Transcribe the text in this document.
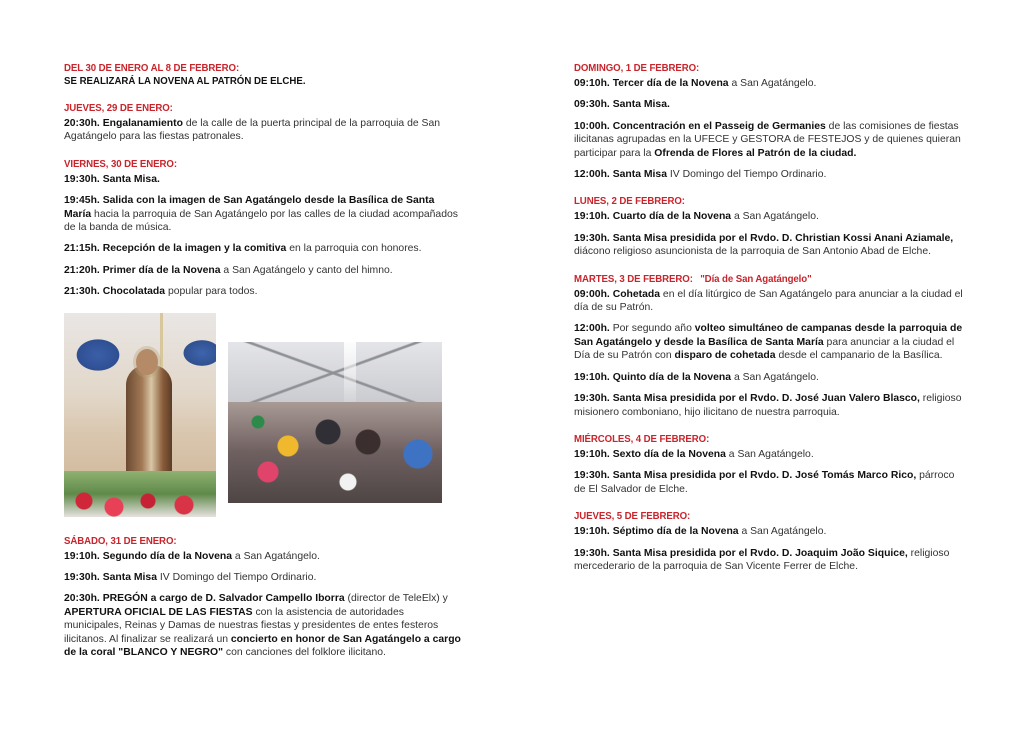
DEL 30 DE ENERO AL 8 DE FEBRERO:
SE REALIZARÁ LA NOVENA AL PATRÓN DE ELCHE.
JUEVES, 29 DE ENERO:
20:30h. Engalanamiento de la calle de la puerta principal de la parroquia de San Agatángelo para las fiestas patronales.
VIERNES, 30 DE ENERO:
19:30h. Santa Misa.
19:45h. Salida con la imagen de San Agatángelo desde la Basílica de Santa María hacia la parroquia de San Agatángelo por las calles de la ciudad acompañados de la banda de música.
21:15h. Recepción de la imagen y la comitiva en la parroquia con honores.
21:20h. Primer día de la Novena a San Agatángelo y canto del himno.
21:30h. Chocolatada popular para todos.
SÁBADO, 31 DE ENERO:
19:10h. Segundo día de la Novena a San Agatángelo.
19:30h. Santa Misa IV Domingo del Tiempo Ordinario.
20:30h. PREGÓN a cargo de D. Salvador Campello Iborra (director de TeleElx) y APERTURA OFICIAL DE LAS FIESTAS con la asistencia de autoridades municipales, Reinas y Damas de nuestras fiestas y presidentes de entes festeros ilicitanos. Al finalizar se realizará un concierto en honor de San Agatángelo a cargo de la coral "BLANCO Y NEGRO" con canciones del folklore ilicitano.
DOMINGO, 1 DE FEBRERO:
09:10h. Tercer día de la Novena a San Agatángelo.
09:30h. Santa Misa.
10:00h. Concentración en el Passeig de Germanies de las comisiones de fiestas ilicitanas agrupadas en la UFECE y GESTORA de FESTEJOS y de quienes quieran participar para la Ofrenda de Flores al Patrón de la ciudad.
12:00h. Santa Misa IV Domingo del Tiempo Ordinario.
LUNES, 2 DE FEBRERO:
19:10h. Cuarto día de la Novena a San Agatángelo.
19:30h. Santa Misa presidida por el Rvdo. D. Christian Kossi Anani Aziamale, diácono religioso asuncionista de la parroquia de San Antonio Abad de Elche.
MARTES, 3 DE FEBRERO: "Día de San Agatángelo"
09:00h. Cohetada en el día litúrgico de San Agatángelo para anunciar a la ciudad el día de su Patrón.
12:00h. Por segundo año volteo simultáneo de campanas desde la parroquia de San Agatángelo y desde la Basílica de Santa María para anunciar a la ciudad el Día de su Patrón con disparo de cohetada desde el campanario de la Basílica.
19:10h. Quinto día de la Novena a San Agatángelo.
19:30h. Santa Misa presidida por el Rvdo. D. José Juan Valero Blasco, religioso misionero comboniano, hijo ilicitano de nuestra parroquia.
MIÉRCOLES, 4 DE FEBRERO:
19:10h. Sexto día de la Novena a San Agatángelo.
19:30h. Santa Misa presidida por el Rvdo. D. José Tomás Marco Rico, párroco de El Salvador de Elche.
JUEVES, 5 DE FEBRERO:
19:10h. Séptimo día de la Novena a San Agatángelo.
19:30h. Santa Misa presidida por el Rvdo. D. Joaquim João Siquice, religioso mercederario de la parroquia de San Vicente Ferrer de Elche.
